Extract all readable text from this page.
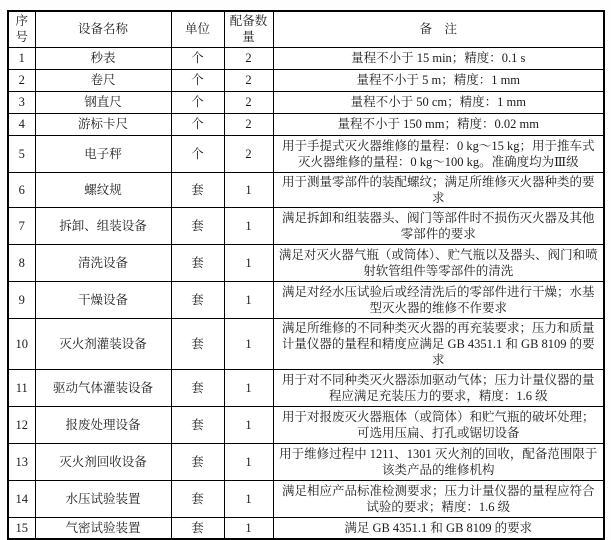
序号	设备名称	单位	配备数量	备　注
1	秒表	个	2	量程不小于 15 min；精度：0.1 s
2	卷尺	个	2	量程不小于 5 m；精度：1 mm
3	钢直尺	个	2	量程不小于 50 cm；精度：1 mm
4	游标卡尺	个	2	量程不小于 150 mm；精度：0.02 mm
5	电子秤	个	2	用于手提式灭火器维修的量程：0 kg～15 kg；用于推车式灭火器维修的量程：0 kg～100 kg。准确度均为Ⅲ级
6	螺纹规	套	1	用于测量零部件的装配螺纹；满足所维修灭火器种类的要求
7	拆卸、组装设备	套	1	满足拆卸和组装器头、阀门等部件时不损伤灭火器及其他零部件的要求
8	清洗设备	套	1	满足对灭火器气瓶（或筒体）、贮气瓶以及器头、阀门和喷射软管组件等零部件的清洗
9	干燥设备	套	1	满足对经水压试验后或经清洗后的零部件进行干燥；水基型灭火器的维修不作要求
10	灭火剂灌装设备	套	1	满足所维修的不同种类灭火器的再充装要求；压力和质量计量仪器的量程和精度应满足 GB 4351.1 和 GB 8109 的要求
11	驱动气体灌装设备	套	1	用于对不同种类灭火器添加驱动气体；压力计量仪器的量程应满足充装压力的要求，精度：1.6 级
12	报废处理设备	套	1	用于对报废灭火器瓶体（或筒体）和贮气瓶的破坏处理；可选用压扁、打孔或锯切设备
13	灭火剂回收设备	套	1	用于维修过程中 1211、1301 灭火剂的回收，配备范围限于该类产品的维修机构
14	水压试验装置	套	1	满足相应产品标准检测要求；压力计量仪器的量程应符合试验的要求；精度：1.6 级
15	气密试验装置	套	1	满足 GB 4351.1 和 GB 8109 的要求
